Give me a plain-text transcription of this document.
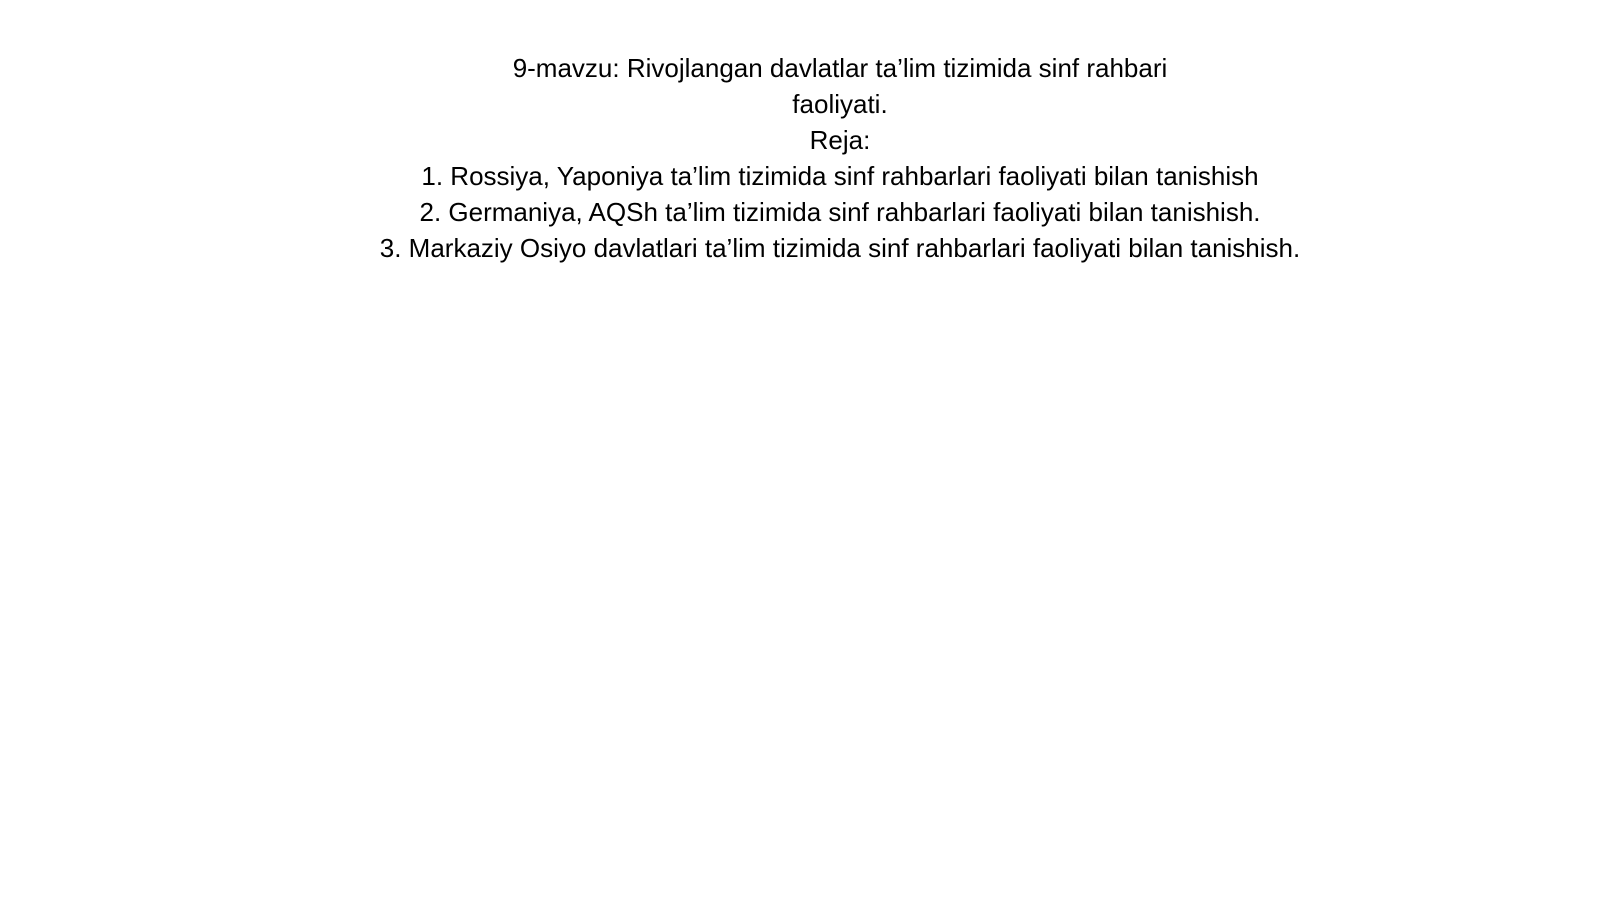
9-mavzu: Rivojlangan davlatlar ta’lim tizimida sinf rahbari
faoliyati.
Reja:
1. Rossiya, Yaponiya ta’lim tizimida sinf rahbarlari faoliyati bilan tanishish
2. Germaniya, AQSh ta’lim tizimida sinf rahbarlari faoliyati bilan tanishish.
3. Markaziy Osiyo davlatlari ta’lim tizimida sinf rahbarlari faoliyati bilan tanishish.
